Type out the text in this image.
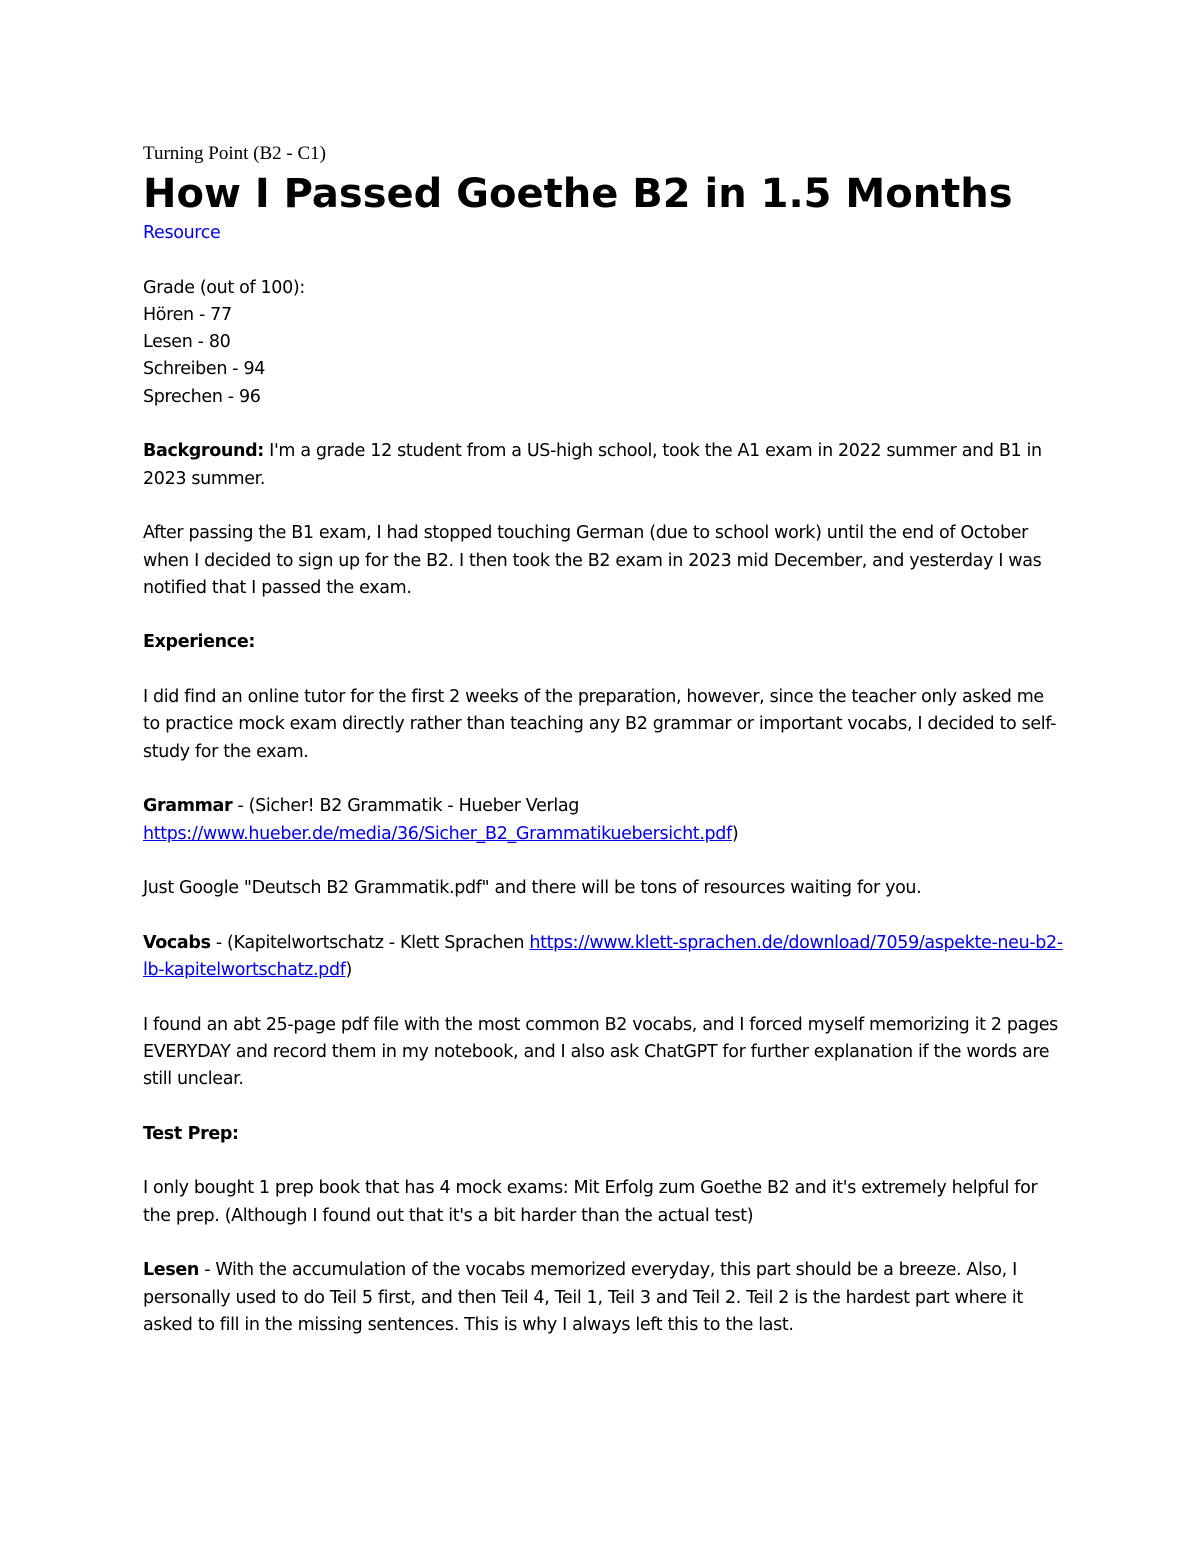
Turning Point (B2 - C1)

How I Passed Goethe B2 in 1.5 Months

Resource

Grade (out of 100):

Hören - 77

Lesen - 80

Schreiben - 94

Sprechen - 96

Background: I'm a grade 12 student from a US-high school, took the A1 exam in 2022 summer and B1 in 2023 summer.

After passing the B1 exam, I had stopped touching German (due to school work) until the end of October when I decided to sign up for the B2. I then took the B2 exam in 2023 mid December, and yesterday I was notified that I passed the exam.

Experience:

I did find an online tutor for the first 2 weeks of the preparation, however, since the teacher only asked me to practice mock exam directly rather than teaching any B2 grammar or important vocabs, I decided to self-study for the exam.

Grammar - (Sicher! B2 Grammatik - Hueber Verlag https://www.hueber.de/media/36/Sicher_B2_Grammatikuebersicht.pdf)

Just Google "Deutsch B2 Grammatik.pdf" and there will be tons of resources waiting for you.

Vocabs - (Kapitelwortschatz - Klett Sprachen https://www.klett-sprachen.de/download/7059/aspekte-neu-b2-lb-kapitelwortschatz.pdf)

I found an abt 25-page pdf file with the most common B2 vocabs, and I forced myself memorizing it 2 pages EVERYDAY and record them in my notebook, and I also ask ChatGPT for further explanation if the words are still unclear.

Test Prep:

I only bought 1 prep book that has 4 mock exams: Mit Erfolg zum Goethe B2 and it's extremely helpful for the prep. (Although I found out that it's a bit harder than the actual test)

Lesen - With the accumulation of the vocabs memorized everyday, this part should be a breeze. Also, I personally used to do Teil 5 first, and then Teil 4, Teil 1, Teil 3 and Teil 2. Teil 2 is the hardest part where it asked to fill in the missing sentences. This is why I always left this to the last.
